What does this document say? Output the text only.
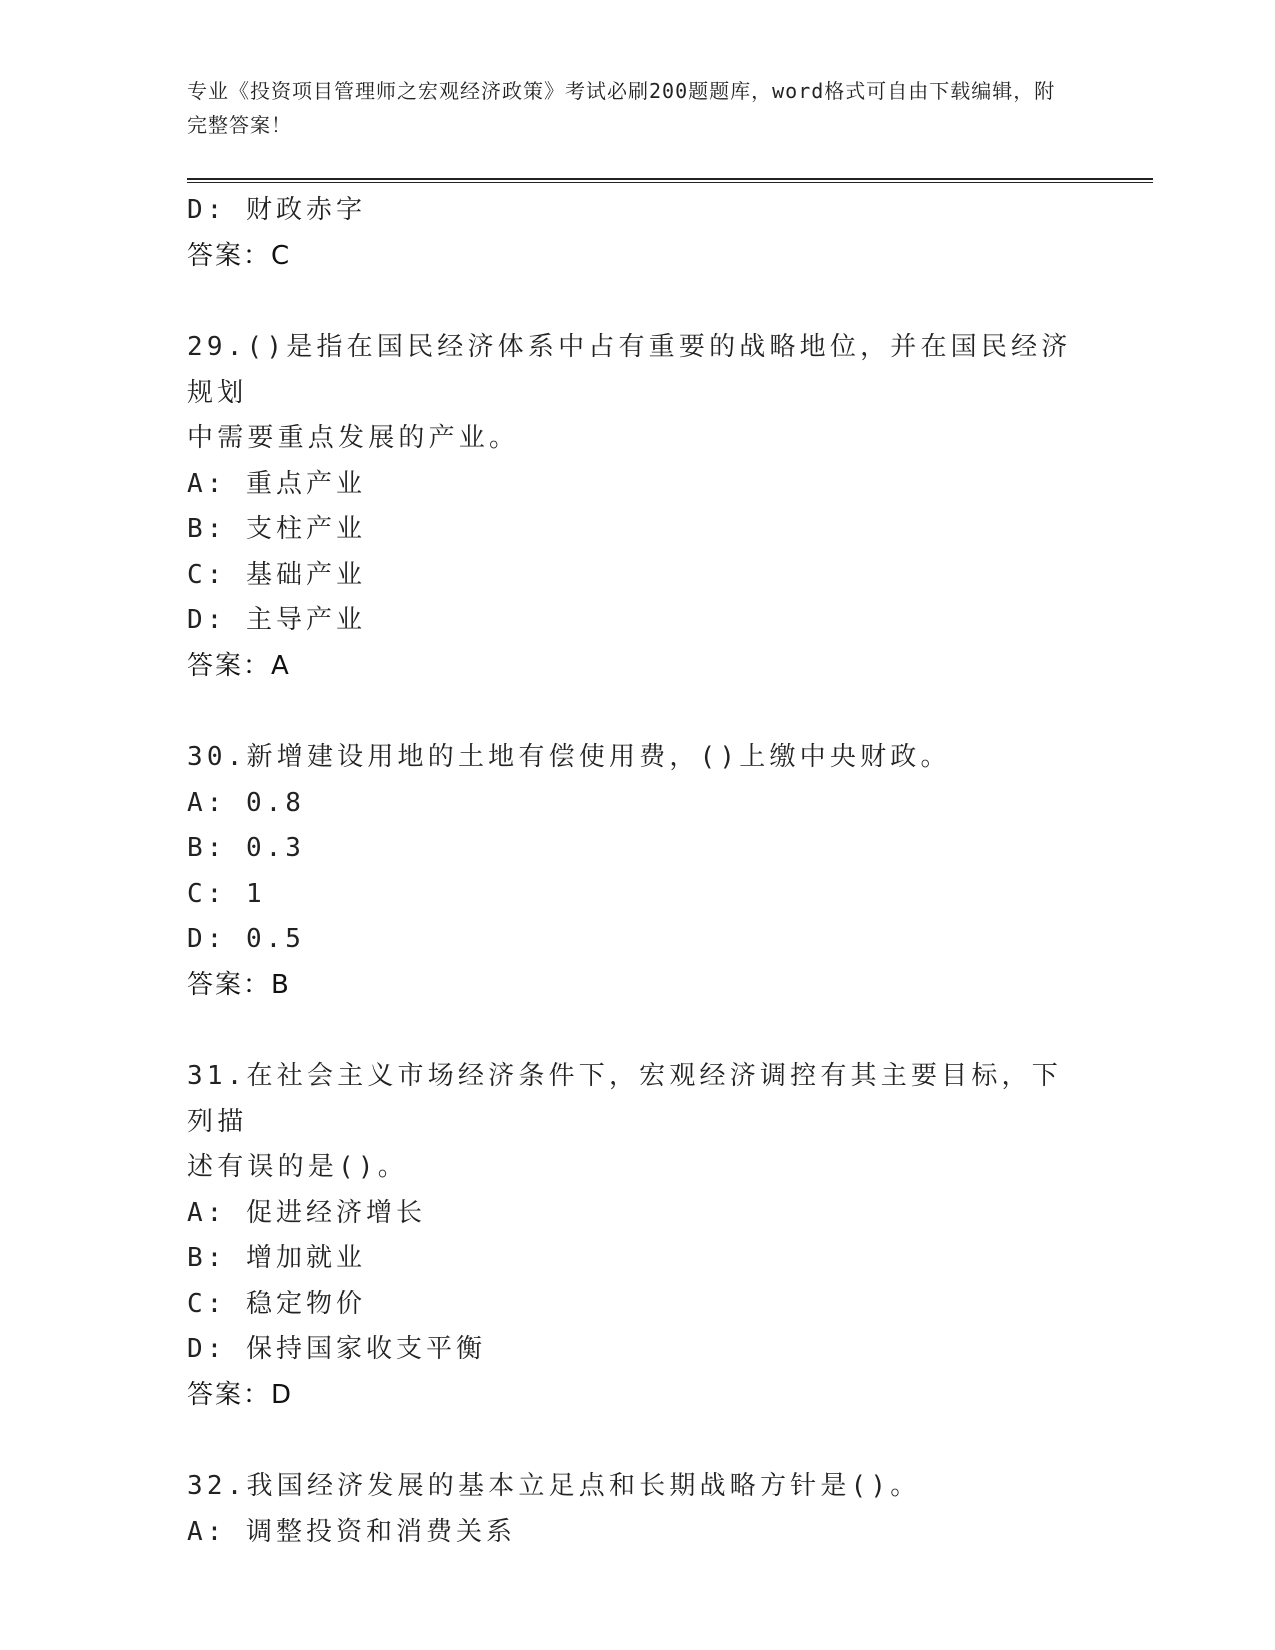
专业《投资项目管理师之宏观经济政策》考试必刷200题题库，word格式可自由下载编辑，附完整答案！
D: 财政赤字
答案：C
29.()是指在国民经济体系中占有重要的战略地位，并在国民经济规划
中需要重点发展的产业。
A: 重点产业
B: 支柱产业
C: 基础产业
D: 主导产业
答案：A
30.新增建设用地的土地有偿使用费，()上缴中央财政。
A: 0.8
B: 0.3
C: 1
D: 0.5
答案：B
31.在社会主义市场经济条件下，宏观经济调控有其主要目标，下列描
述有误的是()。
A: 促进经济增长
B: 增加就业
C: 稳定物价
D: 保持国家收支平衡
答案：D
32.我国经济发展的基本立足点和长期战略方针是()。
A: 调整投资和消费关系
